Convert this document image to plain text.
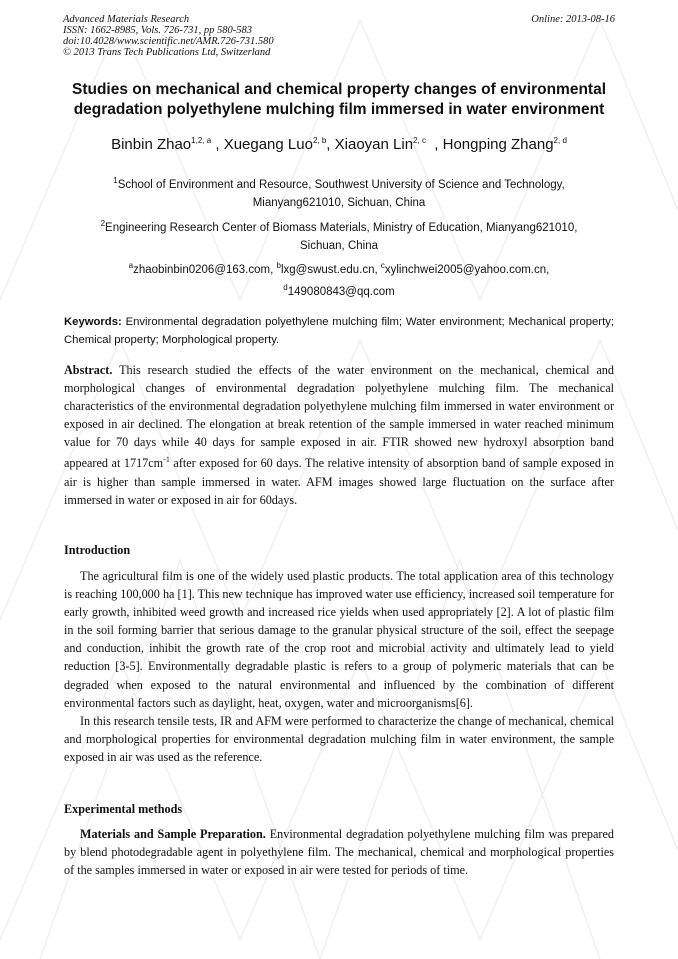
Advanced Materials Research
ISSN: 1662-8985, Vols. 726-731, pp 580-583
doi:10.4028/www.scientific.net/AMR.726-731.580
© 2013 Trans Tech Publications Ltd, Switzerland
Online: 2013-08-16
Studies on mechanical and chemical property changes of environmental
degradation polyethylene mulching film immersed in water environment
Binbin Zhao$^{1,2, a}$ , Xuegang Luo$^{2, b}$, Xiaoyan Lin$^{2, c}$  , Hongping Zhang$^{2, d}$
$^1$School of Environment and Resource, Southwest University of Science and Technology,
Mianyang621010, Sichuan, China
$^2$Engineering Research Center of Biomass Materials, Ministry of Education, Mianyang621010,
Sichuan, China
$^a$zhaobinbin0206@163.com, $^b$lxg@swust.edu.cn, $^c$xylinchwei2005@yahoo.com.cn,
$^d$149080843@qq.com
Keywords: Environmental degradation polyethylene mulching film; Water environment; Mechanical property; Chemical property; Morphological property.

Abstract. This research studied the effects of the water environment on the mechanical, chemical and morphological changes of environmental degradation polyethylene mulching film. The mechanical characteristics of the environmental degradation polyethylene mulching film immersed in water environment or exposed in air declined. The elongation at break retention of the sample immersed in water reached minimum value for 70 days while 40 days for sample exposed in air. FTIR showed new hydroxyl absorption band appeared at $1717cm^{-1}$ after exposed for 60 days. The relative intensity of absorption band of sample exposed in air is higher than sample immersed in water. AFM images showed large fluctuation on the surface after immersed in water or exposed in air for 60days.

Introduction

The agricultural film is one of the widely used plastic products. The total application area of this technology is reaching 100,000 ha [1]. This new technique has improved water use efficiency, increased soil temperature for early growth, inhibited weed growth and increased rice yields when used appropriately [2]. A lot of plastic film in the soil forming barrier that serious damage to the granular physical structure of the soil, effect the seepage and conduction, inhibit the growth rate of the crop root and microbial activity and ultimately lead to yield reduction [3-5]. Environmentally degradable plastic is refers to a group of polymeric materials that can be degraded when exposed to the natural environmental and influenced by the combination of different environmental factors such as daylight, heat, oxygen, water and microorganisms[6].

In this research tensile tests, IR and AFM were performed to characterize the change of mechanical, chemical and morphological properties for environmental degradation mulching film in water environment, the sample exposed in air was used as the reference.

Experimental methods

Materials and Sample Preparation. Environmental degradation polyethylene mulching film was prepared by blend photodegradable agent in polyethylene film. The mechanical, chemical and morphological properties of the samples immersed in water or exposed in air were tested for periods of time.
